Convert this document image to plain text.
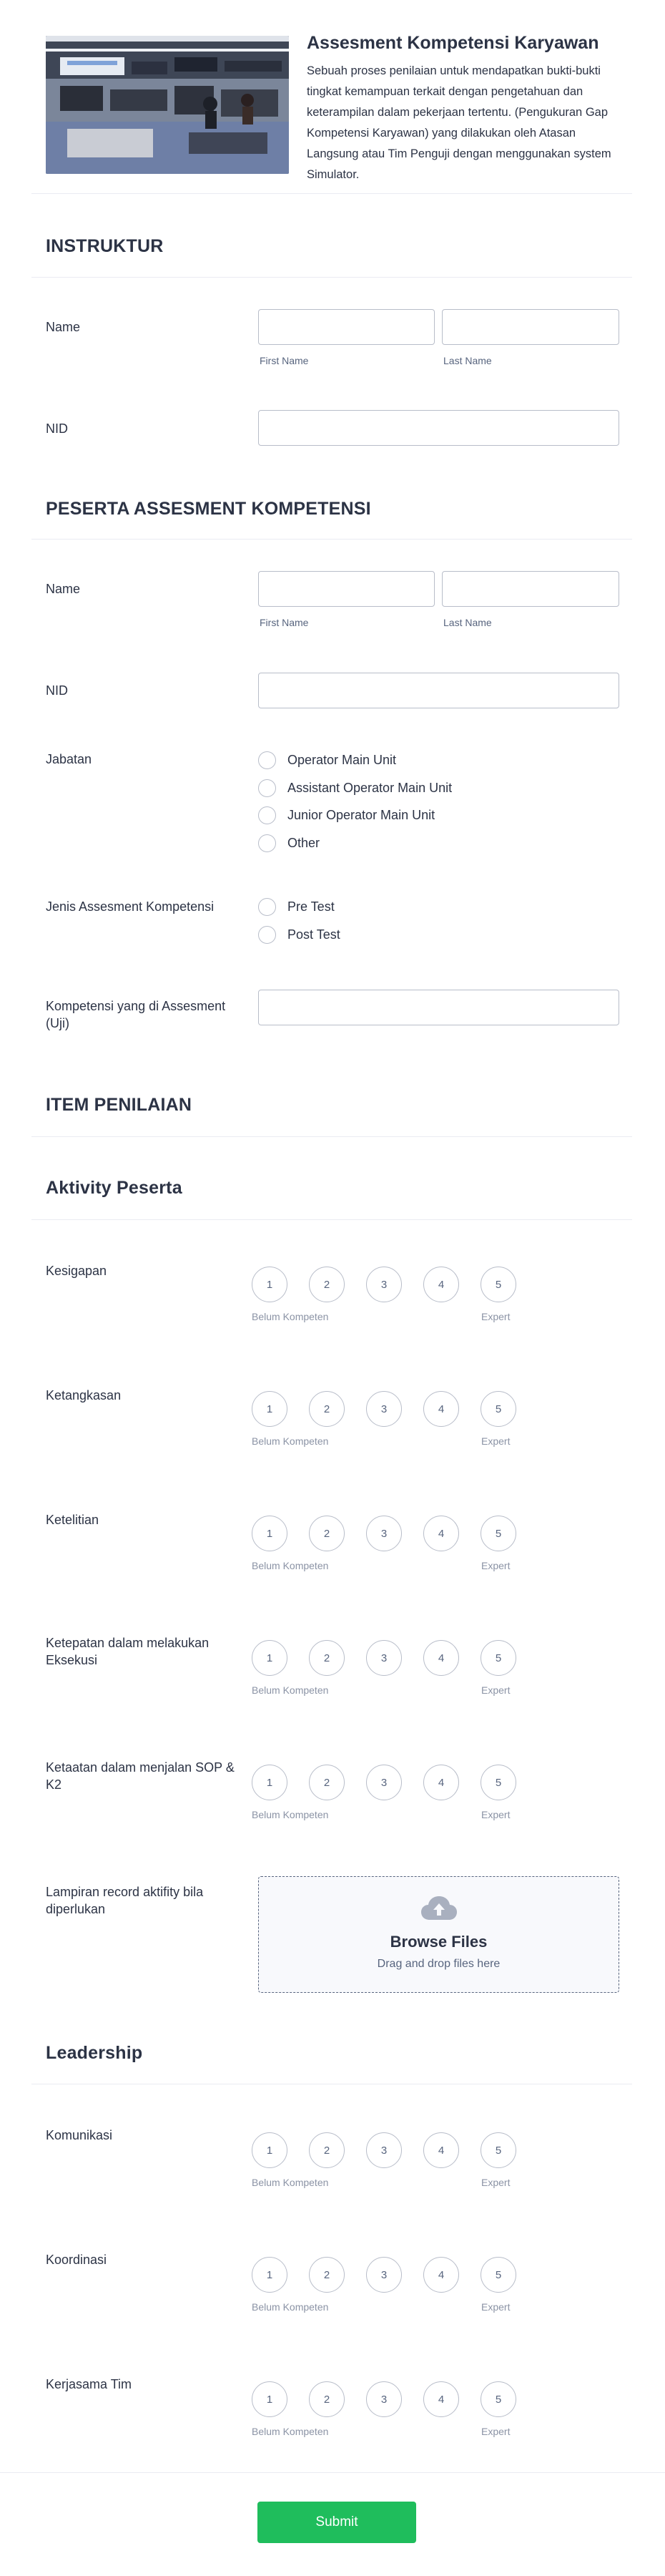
Assesment Kompetensi Karyawan
Sebuah proses penilaian untuk mendapatkan bukti-bukti tingkat kemampuan terkait dengan pengetahuan dan keterampilan dalam pekerjaan tertentu. (Pengukuran Gap Kompetensi Karyawan) yang dilakukan oleh Atasan Langsung atau Tim Penguji dengan menggunakan system Simulator.
INSTRUKTUR
Name
First Name	Last Name
NID
PESERTA ASSESMENT KOMPETENSI
Name
First Name	Last Name
NID
Jabatan	Operator Main Unit
Assistant Operator Main Unit
Junior Operator Main Unit
Other
Jenis Assesment Kompetensi	Pre Test
Post Test
Kompetensi yang di Assesment (Uji)
ITEM PENILAIAN
Aktivity Peserta
Kesigapan
1	2	3	4	5
Belum Kompeten	Expert
Ketangkasan
1	2	3	4	5
Belum Kompeten	Expert
Ketelitian
1	2	3	4	5
Belum Kompeten	Expert
Ketepatan dalam melakukan Eksekusi	1	2	3	4	5
Belum Kompeten	Expert
Ketaatan dalam menjalan SOP & K2	1	2	3	4	5
Belum Kompeten	Expert
Lampiran record aktifity bila diperlukan
Browse Files
Drag and drop files here
Leadership
Komunikasi
1	2	3	4	5
Belum Kompeten	Expert
Koordinasi
1	2	3	4	5
Belum Kompeten	Expert
Kerjasama Tim
1	2	3	4	5
Belum Kompeten	Expert
Submit
